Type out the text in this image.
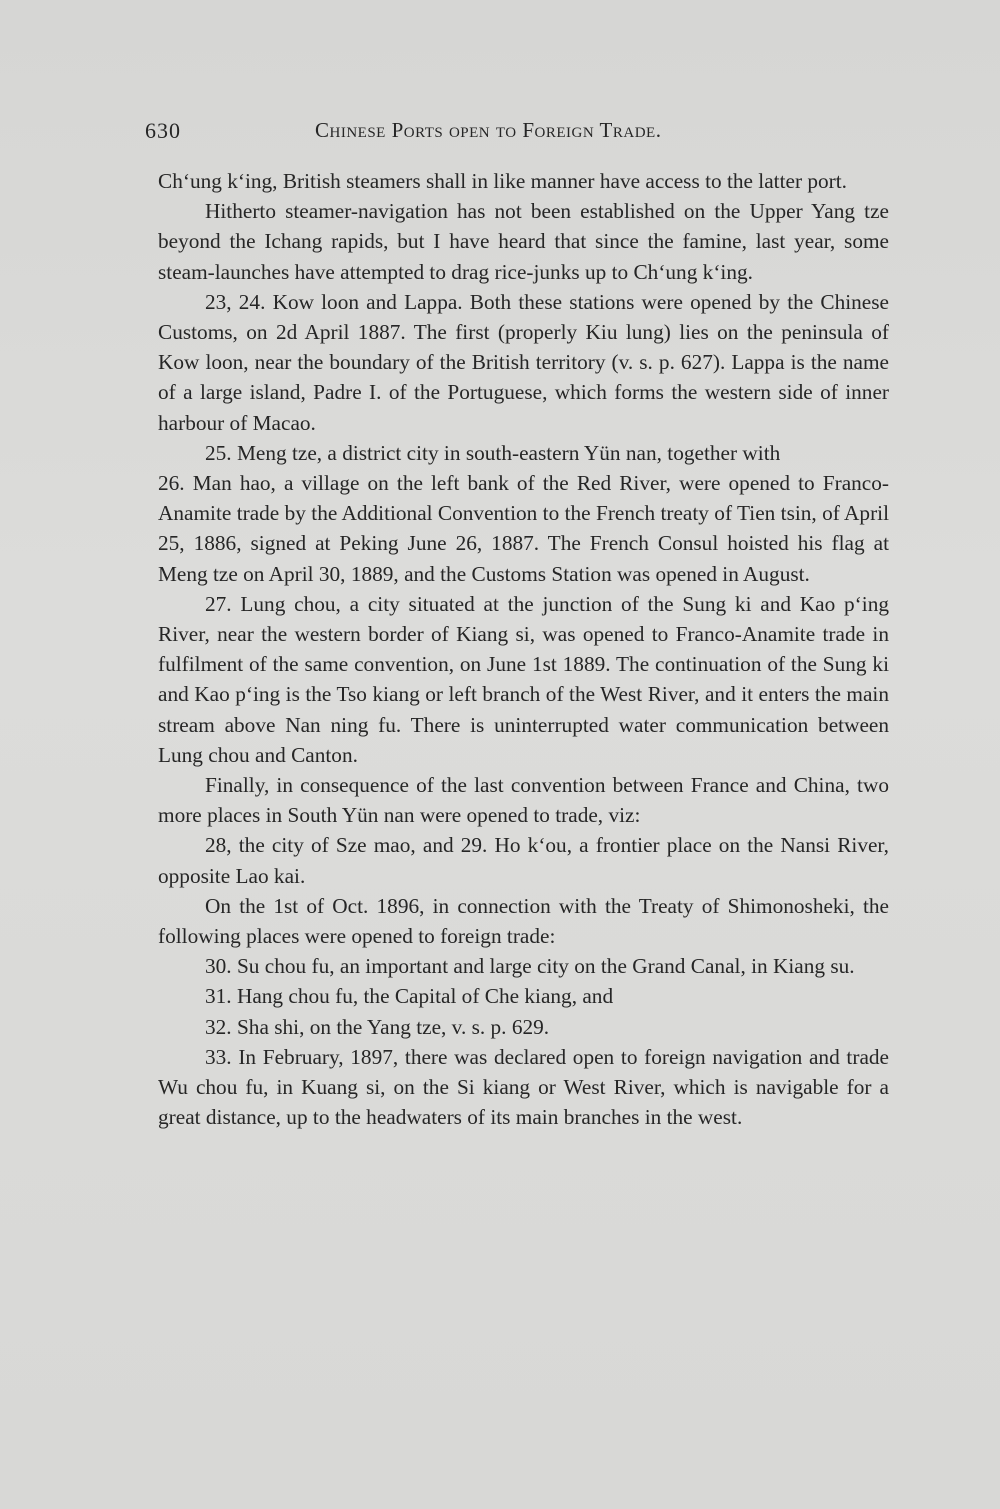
630	Chinese Ports open to Foreign Trade.

Chʻung kʻing, British steamers shall in like manner have access to the latter port.

Hitherto steamer-navigation has not been established on the Upper Yang tze beyond the Ichang rapids, but I have heard that since the famine, last year, some steam-launches have attempted to drag rice-junks up to Chʻung kʻing.

23, 24. Kow loon and Lappa. Both these stations were opened by the Chinese Customs, on 2d April 1887. The first (properly Kiu lung) lies on the peninsula of Kow loon, near the boundary of the British territory (v. s. p. 627). Lappa is the name of a large island, Padre I. of the Portuguese, which forms the western side of inner harbour of Macao.

25. Meng tze, a district city in south-eastern Yün nan, together with

26. Man hao, a village on the left bank of the Red River, were opened to Franco-Anamite trade by the Additional Convention to the French treaty of Tien tsin, of April 25, 1886, signed at Peking June 26, 1887. The French Consul hoisted his flag at Meng tze on April 30, 1889, and the Customs Station was opened in August.

27. Lung chou, a city situated at the junction of the Sung ki and Kao pʻing River, near the western border of Kiang si, was opened to Franco-Anamite trade in fulfilment of the same convention, on June 1st 1889. The continuation of the Sung ki and Kao pʻing is the Tso kiang or left branch of the West River, and it enters the main stream above Nan ning fu. There is uninterrupted water communication between Lung chou and Canton.

Finally, in consequence of the last convention between France and China, two more places in South Yün nan were opened to trade, viz:

28, the city of Sze mao, and 29. Ho kʻou, a frontier place on the Nansi River, opposite Lao kai.

On the 1st of Oct. 1896, in connection with the Treaty of Shimonosheki, the following places were opened to foreign trade:

30. Su chou fu, an important and large city on the Grand Canal, in Kiang su.

31. Hang chou fu, the Capital of Che kiang, and

32. Sha shi, on the Yang tze, v. s. p. 629.

33. In February, 1897, there was declared open to foreign navigation and trade Wu chou fu, in Kuang si, on the Si kiang or West River, which is navigable for a great distance, up to the headwaters of its main branches in the west.
